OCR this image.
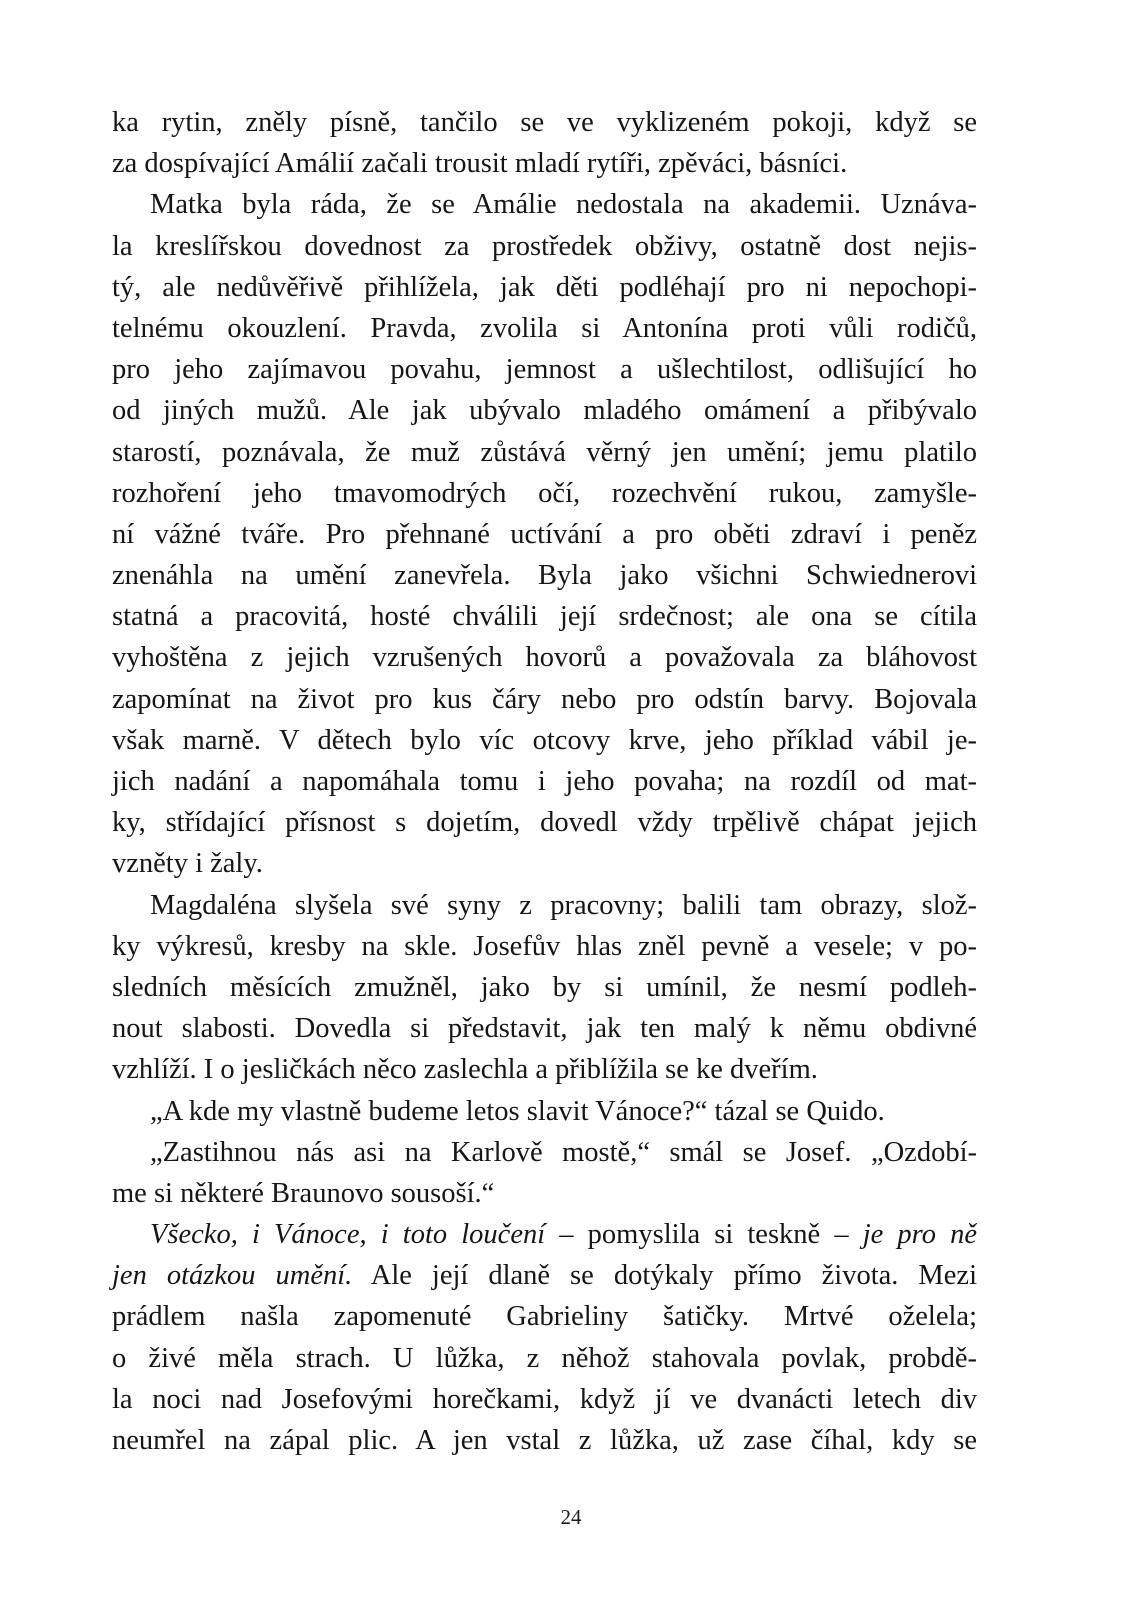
ka rytin, zněly písně, tančilo se ve vyklizeném pokoji, když se
za dospívající Amálií začali trousit mladí rytíři, zpěváci, básníci.
Matka byla ráda, že se Amálie nedostala na akademii. Uznáva-
la kreslířskou dovednost za prostředek obživy, ostatně dost nejis-
tý, ale nedůvěřivě přihlížela, jak děti podléhají pro ni nepochopi-
telnému okouzlení. Pravda, zvolila si Antonína proti vůli rodičů,
pro jeho zajímavou povahu, jemnost a ušlechtilost, odlišující ho
od jiných mužů. Ale jak ubývalo mladého omámení a přibývalo
starostí, poznávala, že muž zůstává věrný jen umění; jemu platilo
rozhoření jeho tmavomodrých očí, rozechvění rukou, zamyšle-
ní vážné tváře. Pro přehnané uctívání a pro oběti zdraví i peněz
znenáhla na umění zanevřela. Byla jako všichni Schwiednerovi
statná a pracovitá, hosté chválili její srdečnost; ale ona se cítila
vyhoštěna z jejich vzrušených hovorů a považovala za bláhovost
zapomínat na život pro kus čáry nebo pro odstín barvy. Bojovala
však marně. V dětech bylo víc otcovy krve, jeho příklad vábil je-
jich nadání a napomáhala tomu i jeho povaha; na rozdíl od mat-
ky, střídající přísnost s dojetím, dovedl vždy trpělivě chápat jejich
vzněty i žaly.
Magdaléna slyšela své syny z pracovny; balili tam obrazy, slož-
ky výkresů, kresby na skle. Josefův hlas zněl pevně a vesele; v po-
sledních měsících zmužněl, jako by si umínil, že nesmí podleh-
nout slabosti. Dovedla si představit, jak ten malý k němu obdivné
vzhlíží. I o jesličkách něco zaslechla a přiblížila se ke dveřím.
„A kde my vlastně budeme letos slavit Vánoce?“ tázal se Quido.
„Zastihnou nás asi na Karlově mostě,“ smál se Josef. „Ozdobí-
me si některé Braunovo sousoší.“
Všecko, i Vánoce, i toto loučení – pomyslila si teskně – je pro ně
jen otázkou umění. Ale její dlaně se dotýkaly přímo života. Mezi
prádlem našla zapomenuté Gabrieliny šatičky. Mrtvé oželela;
o živé měla strach. U lůžka, z něhož stahovala povlak, probdě-
la noci nad Josefovými horečkami, když jí ve dvanácti letech div
neumřel na zápal plic. A jen vstal z lůžka, už zase číhal, kdy se
24
